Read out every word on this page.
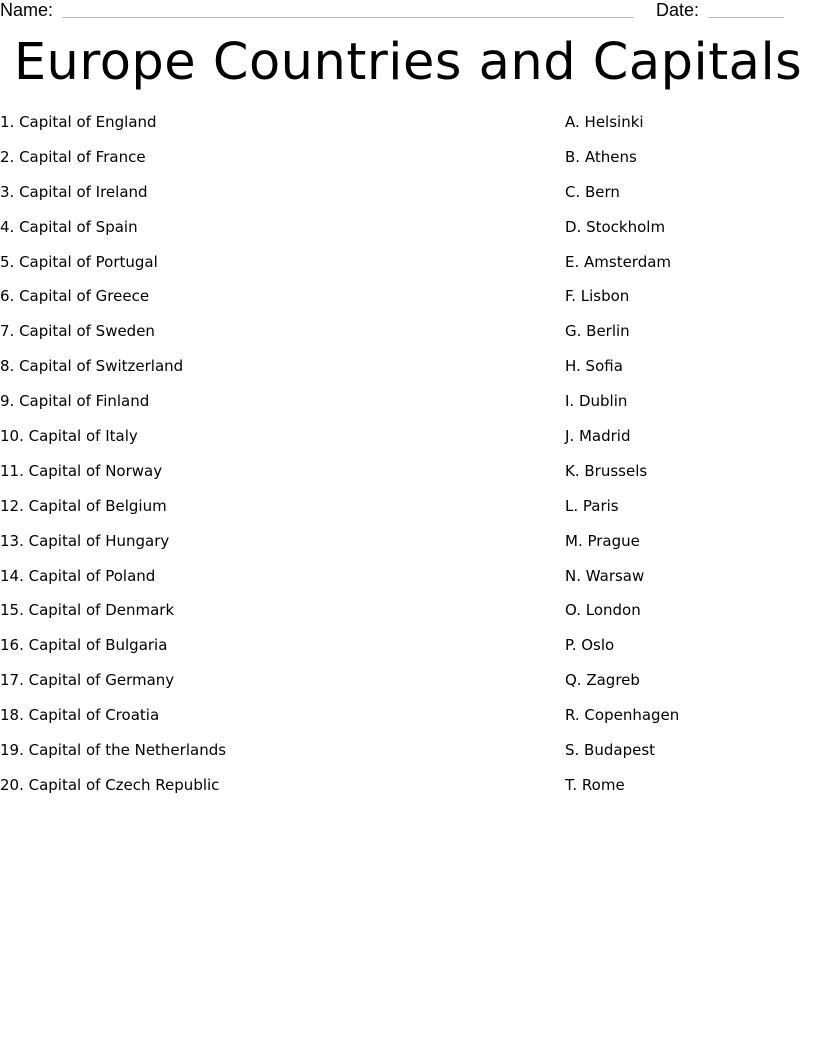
Name:	Date:
Europe Countries and Capitals
1. Capital of England
2. Capital of France
3. Capital of Ireland
4. Capital of Spain
5. Capital of Portugal
6. Capital of Greece
7. Capital of Sweden
8. Capital of Switzerland
9. Capital of Finland
10. Capital of Italy
11. Capital of Norway
12. Capital of Belgium
13. Capital of Hungary
14. Capital of Poland
15. Capital of Denmark
16. Capital of Bulgaria
17. Capital of Germany
18. Capital of Croatia
19. Capital of the Netherlands
20. Capital of Czech Republic
A. Helsinki
B. Athens
C. Bern
D. Stockholm
E. Amsterdam
F. Lisbon
G. Berlin
H. Sofia
I. Dublin
J. Madrid
K. Brussels
L. Paris
M. Prague
N. Warsaw
O. London
P. Oslo
Q. Zagreb
R. Copenhagen
S. Budapest
T. Rome
